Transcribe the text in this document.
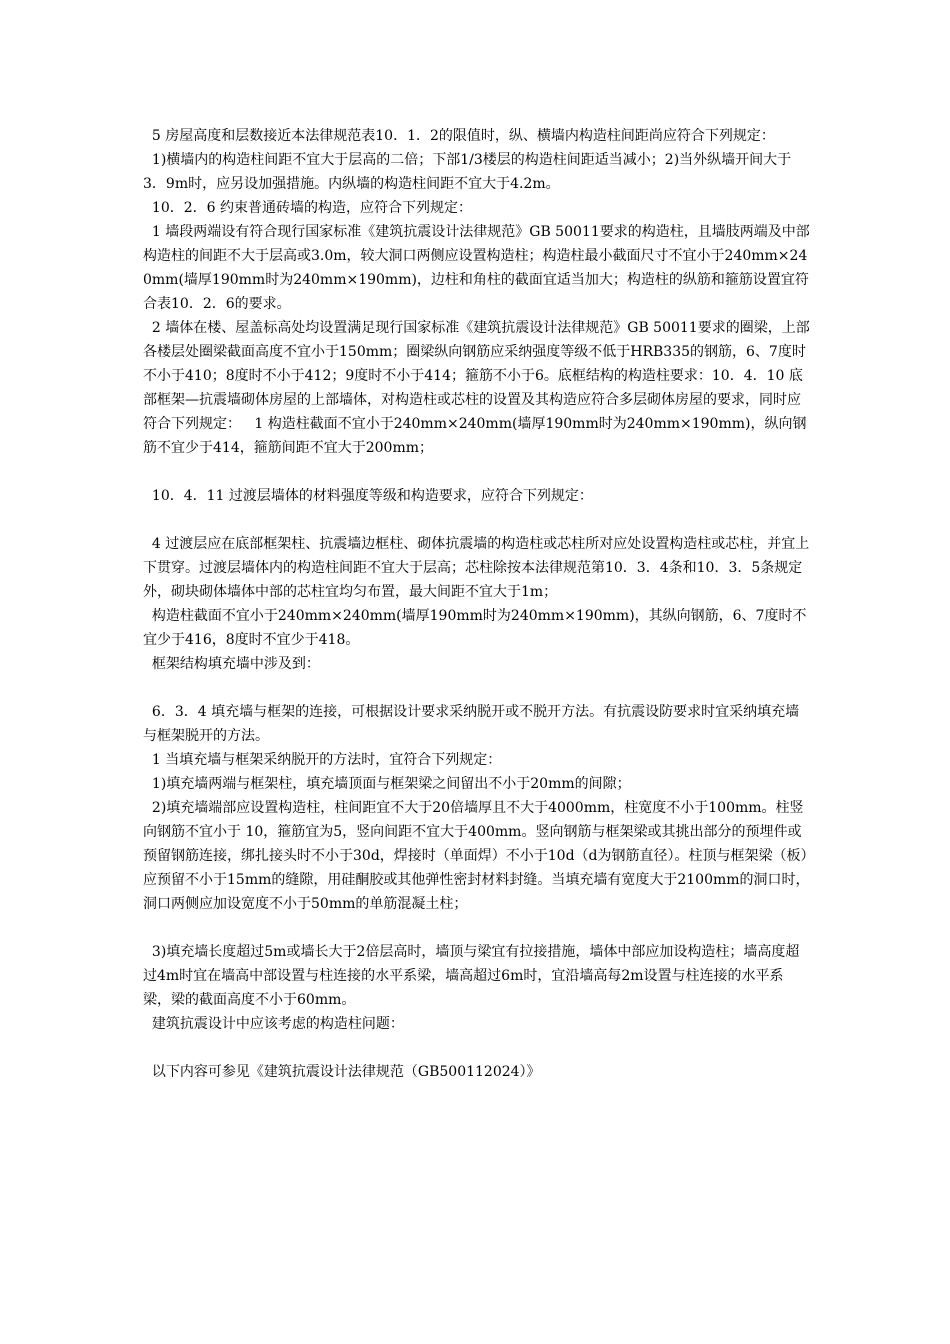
5 房屋高度和层数接近本法律规范表10．1．2的限值时，纵、横墙内构造柱间距尚应符合下列规定：

1)横墙内的构造柱间距不宜大于层高的二倍；下部1/3楼层的构造柱间距适当减小；2)当外纵墙开间大于3．9m时，应另设加强措施。内纵墙的构造柱间距不宜大于4.2m。

10．2．6 约束普通砖墙的构造，应符合下列规定：

1 墙段两端设有符合现行国家标准《建筑抗震设计法律规范》GB 50011要求的构造柱，且墙肢两端及中部构造柱的间距不大于层高或3.0m，较大洞口两侧应设置构造柱；构造柱最小截面尺寸不宜小于240mm×240mm(墙厚190mm时为240mm×190mm)，边柱和角柱的截面宜适当加大；构造柱的纵筋和箍筋设置宜符合表10．2．6的要求。

2 墙体在楼、屋盖标高处均设置满足现行国家标准《建筑抗震设计法律规范》GB 50011要求的圈梁，上部各楼层处圈梁截面高度不宜小于150mm；圈梁纵向钢筋应采纳强度等级不低于HRB335的钢筋，6、7度时不小于410；8度时不小于412；9度时不小于414；箍筋不小于6。底框结构的构造柱要求：10．4．10 底部框架—抗震墙砌体房屋的上部墙体，对构造柱或芯柱的设置及其构造应符合多层砌体房屋的要求，同时应符合下列规定：   1 构造柱截面不宜小于240mm×240mm(墙厚190mm时为240mm×190mm)，纵向钢筋不宜少于414，箍筋间距不宜大于200mm；

10．4．11 过渡层墙体的材料强度等级和构造要求，应符合下列规定：

4 过渡层应在底部框架柱、抗震墙边框柱、砌体抗震墙的构造柱或芯柱所对应处设置构造柱或芯柱，并宜上下贯穿。过渡层墙体内的构造柱间距不宜大于层高；芯柱除按本法律规范第10．3．4条和10．3．5条规定外，砌块砌体墙体中部的芯柱宜均匀布置，最大间距不宜大于1m；

构造柱截面不宜小于240mm×240mm(墙厚190mm时为240mm×190mm)，其纵向钢筋，6、7度时不宜少于416，8度时不宜少于418。

框架结构填充墙中涉及到：

6．3．4 填充墙与框架的连接，可根据设计要求采纳脱开或不脱开方法。有抗震设防要求时宜采纳填充墙与框架脱开的方法。

1 当填充墙与框架采纳脱开的方法时，宜符合下列规定：

1)填充墙两端与框架柱，填充墙顶面与框架梁之间留出不小于20mm的间隙；

2)填充墙端部应设置构造柱，柱间距宜不大于20倍墙厚且不大于4000mm，柱宽度不小于100mm。柱竖向钢筋不宜小于 10，箍筋宜为5，竖向间距不宜大于400mm。竖向钢筋与框架梁或其挑出部分的预埋件或预留钢筋连接，绑扎接头时不小于30d，焊接时（单面焊）不小于10d（d为钢筋直径）。柱顶与框架梁（板）应预留不小于15mm的缝隙，用硅酮胶或其他弹性密封材料封缝。当填充墙有宽度大于2100mm的洞口时，洞口两侧应加设宽度不小于50mm的单筋混凝土柱；

3)填充墙长度超过5m或墙长大于2倍层高时，墙顶与梁宜有拉接措施，墙体中部应加设构造柱；墙高度超过4m时宜在墙高中部设置与柱连接的水平系梁，墙高超过6m时，宜沿墙高每2m设置与柱连接的水平系梁，梁的截面高度不小于60mm。

建筑抗震设计中应该考虑的构造柱问题：

以下内容可参见《建筑抗震设计法律规范（GB500112024）》
